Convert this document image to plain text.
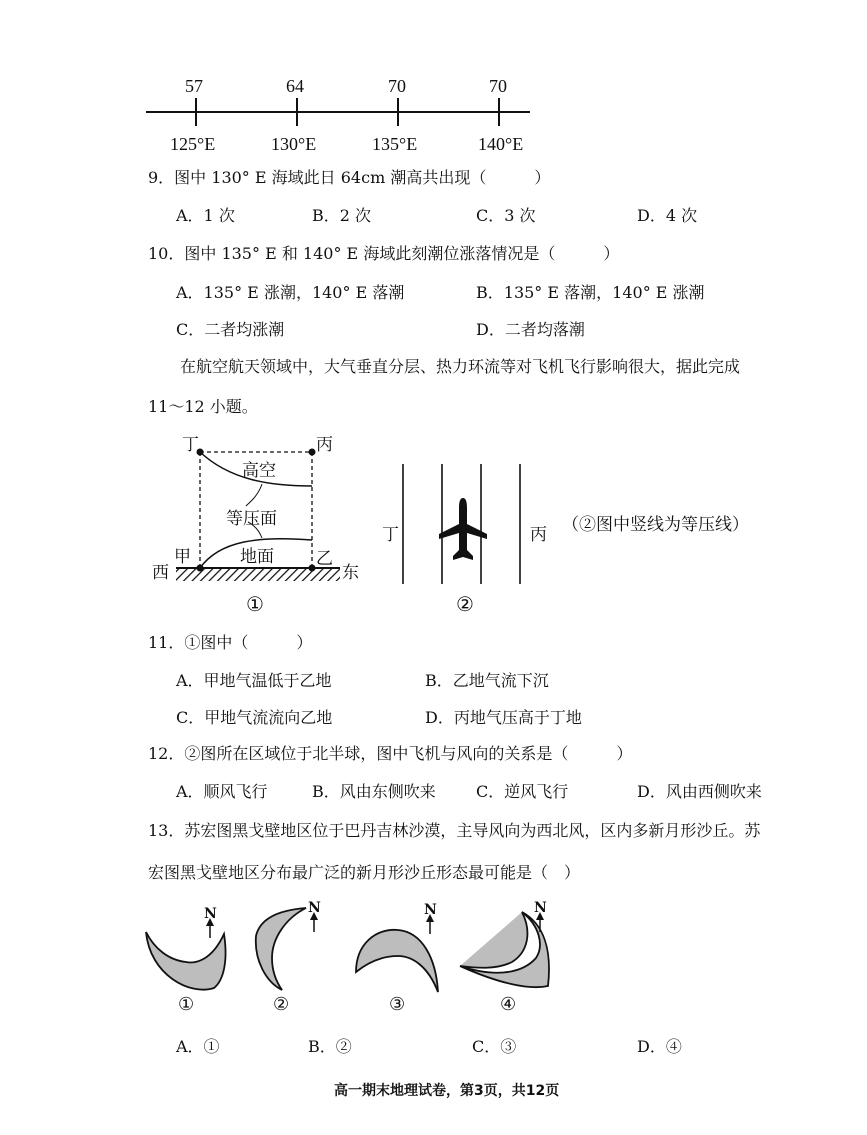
57	64	70	70
125°E	130°E	135°E	140°E
9．图中 130° E 海域此日 64cm 潮高共出现（　　　）
A．1 次	B．2 次	C．3 次	D．4 次
10．图中 135° E 和 140° E 海域此刻潮位涨落情况是（　　　）
A．135° E 涨潮，140° E 落潮	B．135° E 落潮，140° E 涨潮
C．二者均涨潮	D．二者均落潮
在航空航天领域中，大气垂直分层、热力环流等对飞机飞行影响很大，据此完成
11～12 小题。
丁	丙
高空
等压面
地面
甲	乙
西	东
①
丁	丙 （②图中竖线为等压线）
②
11．①图中（　　　）
A．甲地气温低于乙地	B．乙地气流下沉
C．甲地气流流向乙地	D．丙地气压高于丁地
12．②图所在区域位于北半球，图中飞机与风向的关系是（　　　）
A．顺风飞行	B．风由东侧吹来	C．逆风飞行	D．风由西侧吹来
13．苏宏图黑戈壁地区位于巴丹吉林沙漠，主导风向为西北风，区内多新月形沙丘。苏
宏图黑戈壁地区分布最广泛的新月形沙丘形态最可能是（　）
N	N	N	N
①	②	③	④
A．①	B．②	C．③	D．④
高一期末地理试卷，第3页，共12页
